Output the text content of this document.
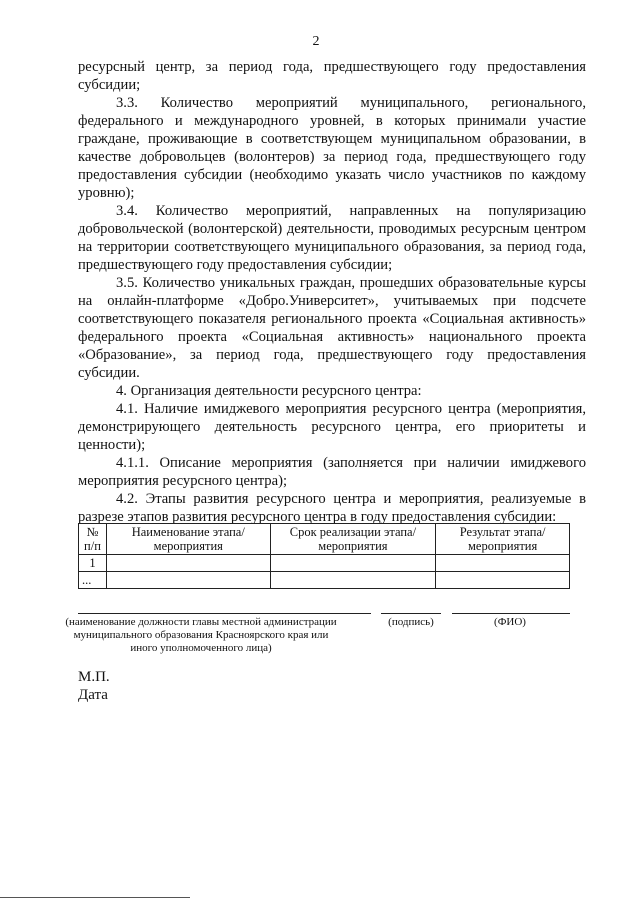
2

ресурсный центр, за период года, предшествующего году предоставления субсидии;

3.3. Количество мероприятий муниципального, регионального, федерального и международного уровней, в которых принимали участие граждане, проживающие в соответствующем муниципальном образовании, в качестве добровольцев (волонтеров) за период года, предшествующего году предоставления субсидии (необходимо указать число участников по каждому уровню);

3.4. Количество мероприятий, направленных на популяризацию добровольческой (волонтерской) деятельности, проводимых ресурсным центром на территории соответствующего муниципального образования, за период года, предшествующего году предоставления субсидии;

3.5. Количество уникальных граждан, прошедших образовательные курсы на онлайн-платформе «Добро.Университет», учитываемых при подсчете соответствующего показателя регионального проекта «Социальная активность» федерального проекта «Социальная активность» национального проекта «Образование», за период года, предшествующего году предоставления субсидии.

4. Организация деятельности ресурсного центра:

4.1. Наличие имиджевого мероприятия ресурсного центра (мероприятия, демонстрирующего деятельность ресурсного центра, его приоритеты и ценности);

4.1.1. Описание мероприятия (заполняется при наличии имиджевого мероприятия ресурсного центра);

4.2. Этапы развития ресурсного центра и мероприятия, реализуемые в разрезе этапов развития ресурсного центра в году предоставления субсидии:

№ п/п	Наименование этапа/мероприятия	Срок реализации этапа/мероприятия	Результат этапа/мероприятия
1			
...			
(наименование должности главы местной администрации муниципального образования Красноярского края или иного уполномоченного лица)
(подпись)	(ФИО)
М.П.
Дата
